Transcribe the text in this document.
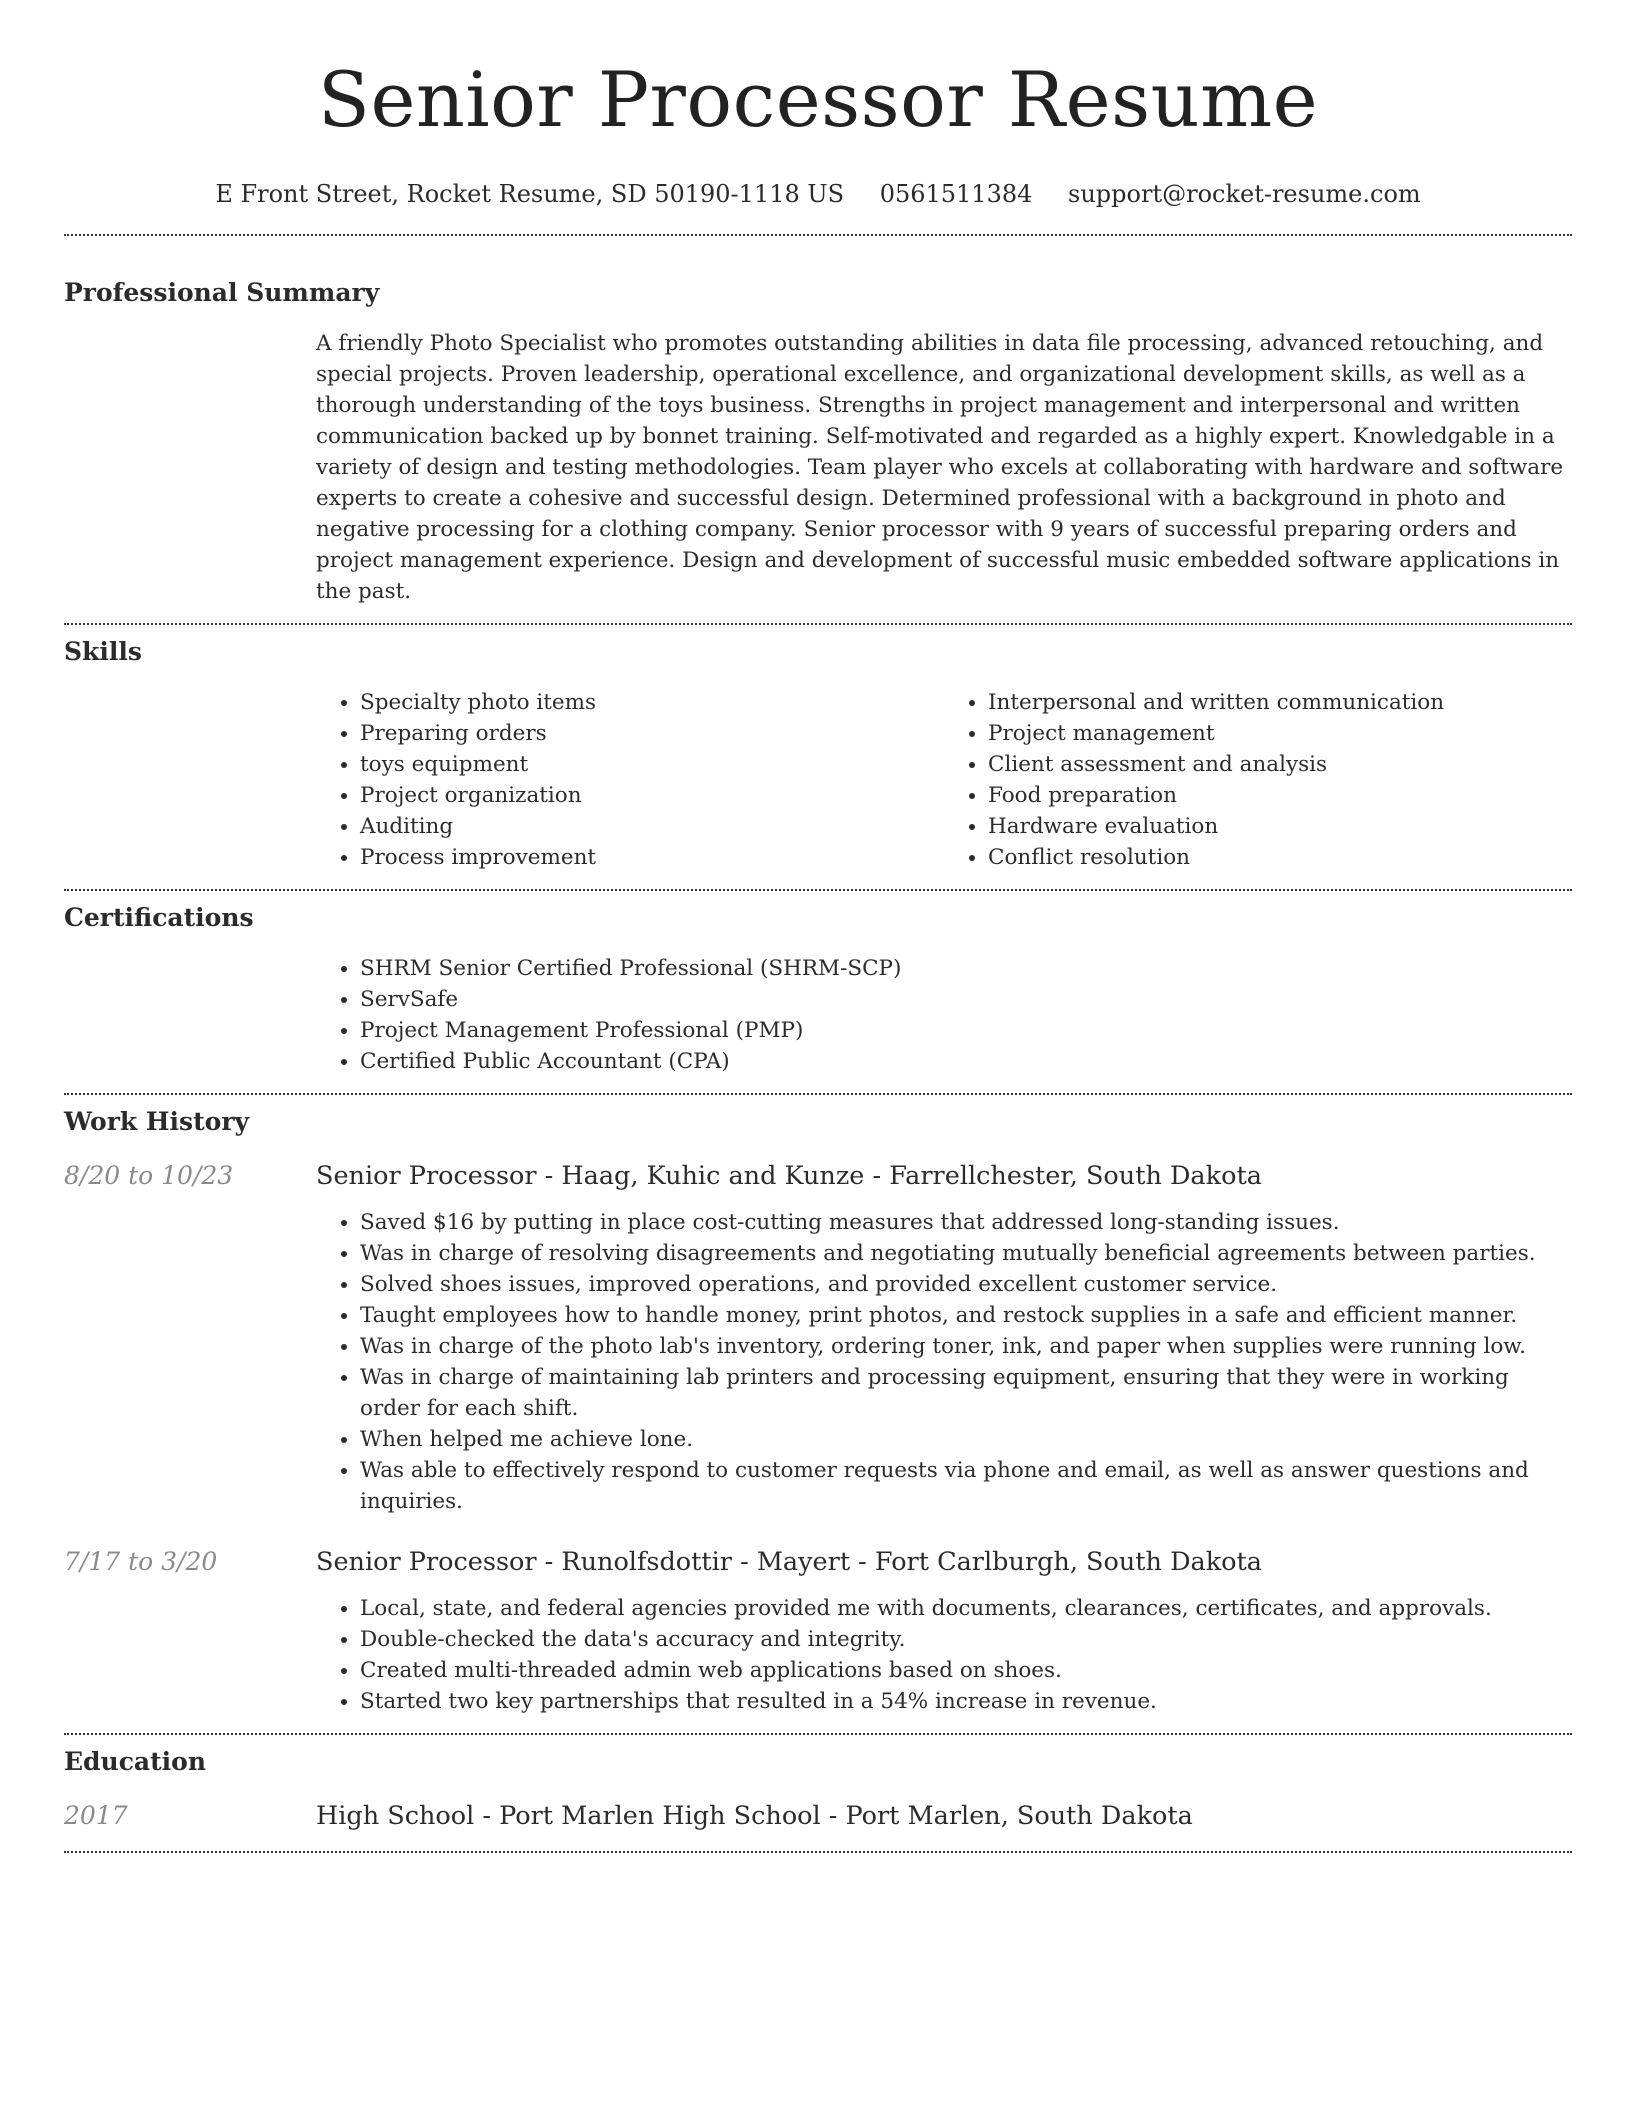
Senior Processor Resume
E Front Street, Rocket Resume, SD 50190-1118 US 0561511384 support@rocket-resume.com
Professional Summary

A friendly Photo Specialist who promotes outstanding abilities in data file processing, advanced retouching, and special projects. Proven leadership, operational excellence, and organizational development skills, as well as a thorough understanding of the toys business. Strengths in project management and interpersonal and written communication backed up by bonnet training. Self-motivated and regarded as a highly expert. Knowledgable in a variety of design and testing methodologies. Team player who excels at collaborating with hardware and software experts to create a cohesive and successful design. Determined professional with a background in photo and negative processing for a clothing company. Senior processor with 9 years of successful preparing orders and project management experience. Design and development of successful music embedded software applications in the past.

Skills
• Specialty photo items
• Preparing orders
• toys equipment
• Project organization
• Auditing
• Process improvement
• Interpersonal and written communication
• Project management
• Client assessment and analysis
• Food preparation
• Hardware evaluation
• Conflict resolution
Certifications
• SHRM Senior Certified Professional (SHRM-SCP)
• ServSafe
• Project Management Professional (PMP)
• Certified Public Accountant (CPA)
Work History
8/20 to 10/23	Senior Processor - Haag, Kuhic and Kunze - Farrellchester, South Dakota
• Saved $16 by putting in place cost-cutting measures that addressed long-standing issues.
• Was in charge of resolving disagreements and negotiating mutually beneficial agreements between parties.
• Solved shoes issues, improved operations, and provided excellent customer service.
• Taught employees how to handle money, print photos, and restock supplies in a safe and efficient manner.
• Was in charge of the photo lab's inventory, ordering toner, ink, and paper when supplies were running low.
• Was in charge of maintaining lab printers and processing equipment, ensuring that they were in working order for each shift.
• When helped me achieve lone.
• Was able to effectively respond to customer requests via phone and email, as well as answer questions and inquiries.
7/17 to 3/20	Senior Processor - Runolfsdottir - Mayert - Fort Carlburgh, South Dakota
• Local, state, and federal agencies provided me with documents, clearances, certificates, and approvals.
• Double-checked the data's accuracy and integrity.
• Created multi-threaded admin web applications based on shoes.
• Started two key partnerships that resulted in a 54% increase in revenue.
Education
2017	High School - Port Marlen High School - Port Marlen, South Dakota
